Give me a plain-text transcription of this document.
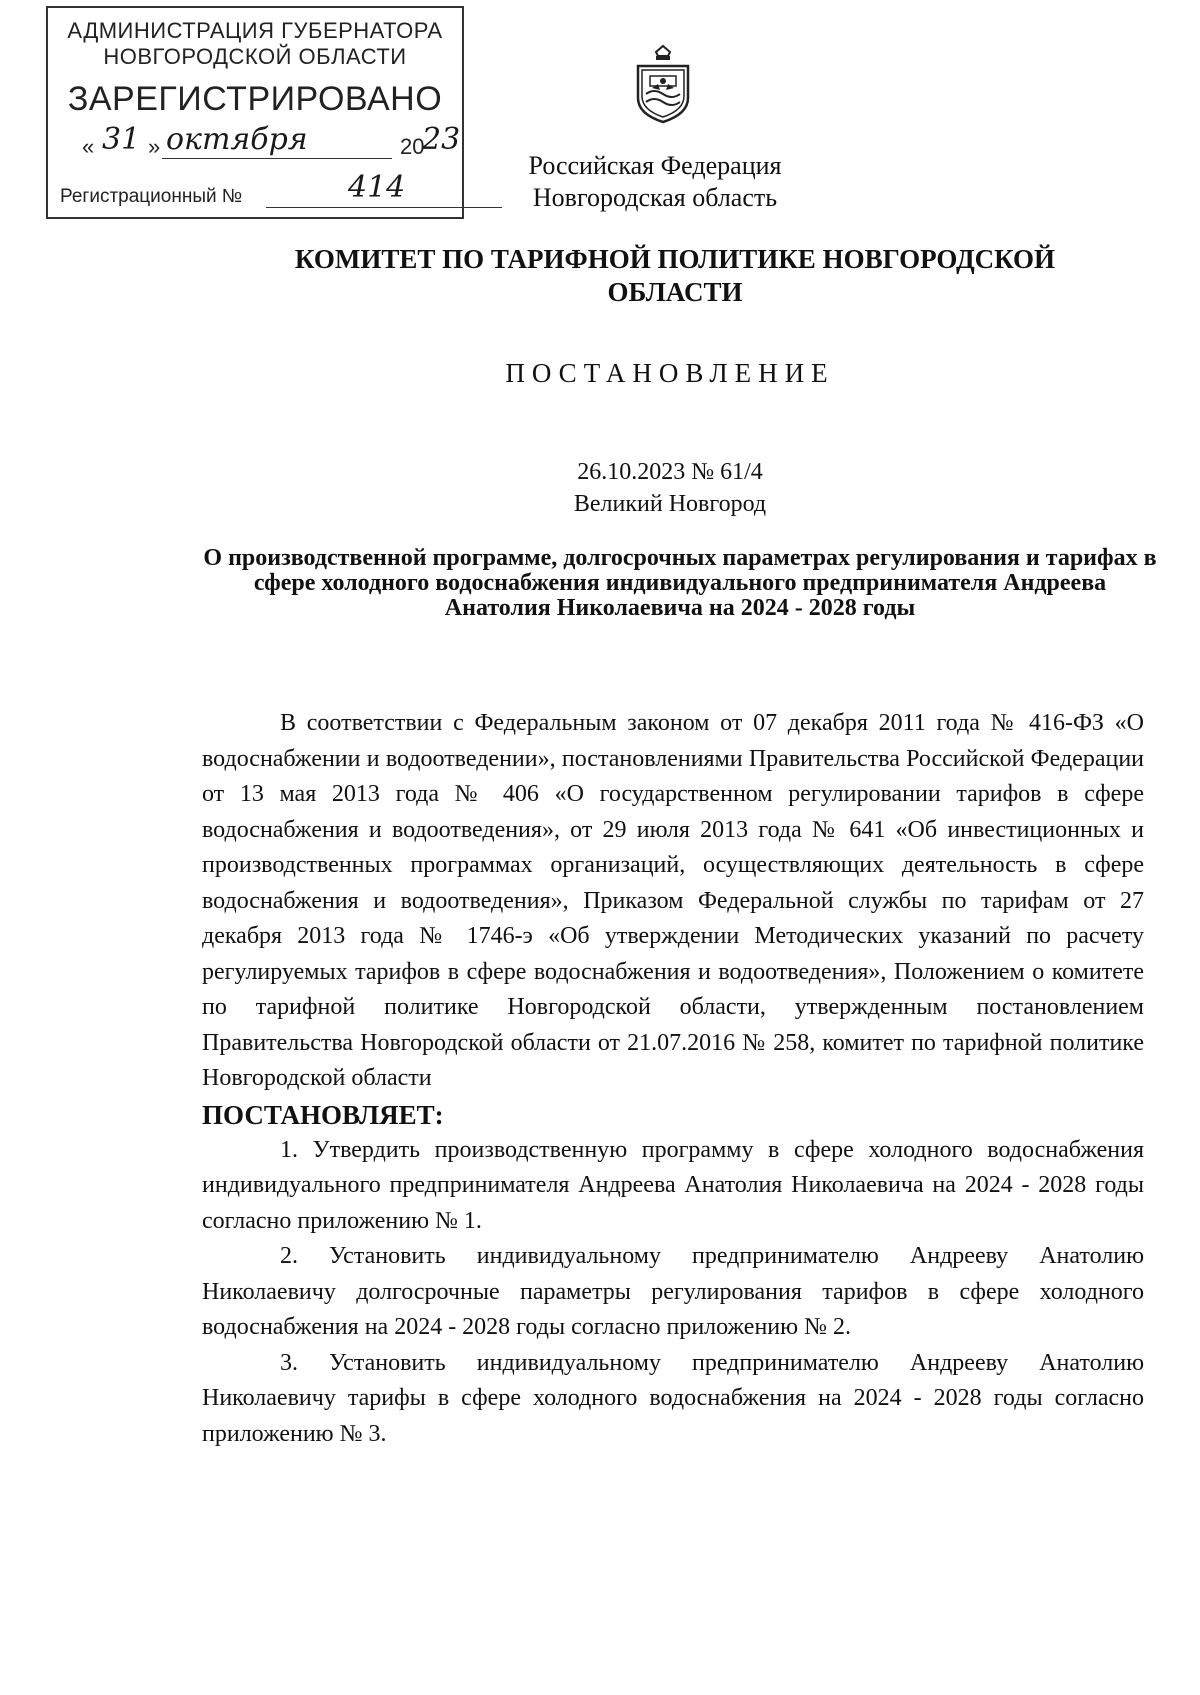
АДМИНИСТРАЦИЯ ГУБЕРНАТОРА
НОВГОРОДСКОЙ ОБЛАСТИ
ЗАРЕГИСТРИРОВАНО
« 31 » октября	20
23
Регистрационный №	414
Российская Федерация
Новгородская область
КОМИТЕТ ПО ТАРИФНОЙ ПОЛИТИКЕ НОВГОРОДСКОЙ ОБЛАСТИ
ПОСТАНОВЛЕНИЕ
26.10.2023 № 61/4
Великий Новгород
О производственной программе, долгосрочных параметрах регулирования и тарифах в сфере холодного водоснабжения индивидуального предпринимателя Андреева Анатолия Николаевича на 2024 - 2028 годы

В соответствии с Федеральным законом от 07 декабря 2011 года № 416-ФЗ «О водоснабжении и водоотведении», постановлениями Правительства Российской Федерации от 13 мая 2013 года № 406 «О государственном регулировании тарифов в сфере водоснабжения и водоотведения», от 29 июля 2013 года № 641 «Об инвестиционных и производственных программах организаций, осуществляющих деятельность в сфере водоснабжения и водоотведения», Приказом Федеральной службы по тарифам от 27 декабря 2013 года № 1746-э «Об утверждении Методических указаний по расчету регулируемых тарифов в сфере водоснабжения и водоотведения», Положением о комитете по тарифной политике Новгородской области, утвержденным постановлением Правительства Новгородской области от 21.07.2016 № 258, комитет по тарифной политике Новгородской области

ПОСТАНОВЛЯЕТ:

1. Утвердить производственную программу в сфере холодного водоснабжения индивидуального предпринимателя Андреева Анатолия Николаевича на 2024 - 2028 годы согласно приложению № 1.

2. Установить индивидуальному предпринимателю Андрееву Анатолию Николаевичу долгосрочные параметры регулирования тарифов в сфере холодного водоснабжения на 2024 - 2028 годы согласно приложению № 2.

3. Установить индивидуальному предпринимателю Андрееву Анатолию Николаевичу тарифы в сфере холодного водоснабжения на 2024 - 2028 годы согласно приложению № 3.
